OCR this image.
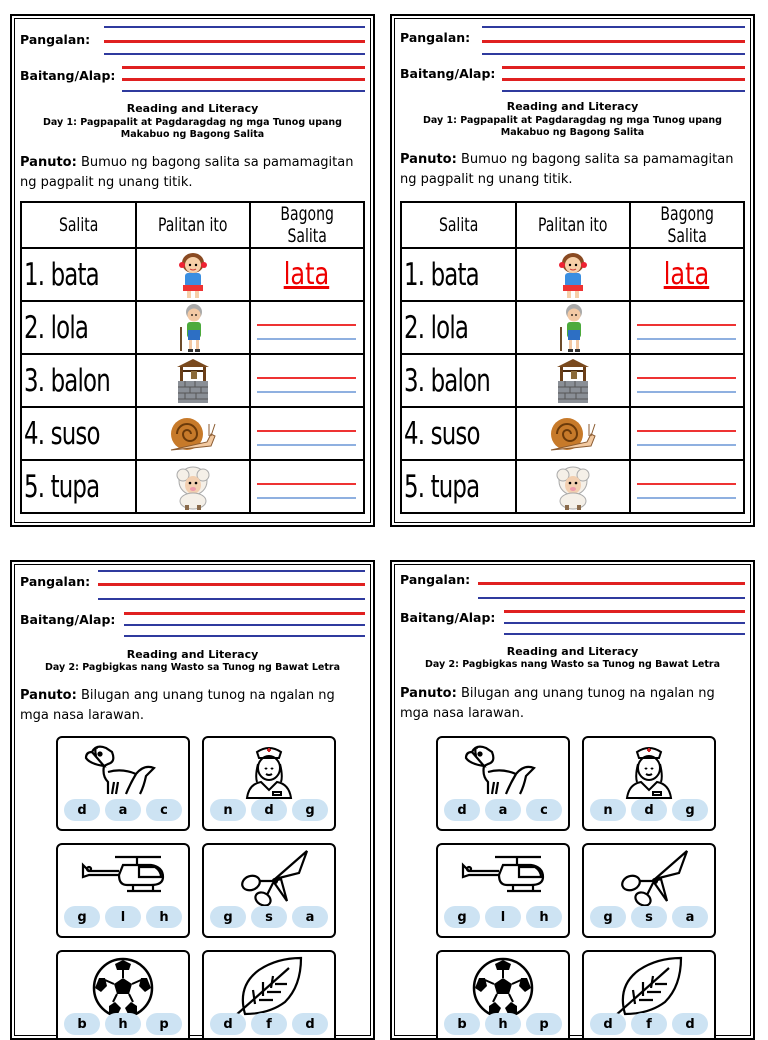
Pangalan:
Baitang/Alap:
Reading and Literacy
Day 1: Pagpapalit at Pagdaragdag ng mga Tunog upang Makabuo ng Bagong Salita
Panuto: Bumuo ng bagong salita sa pamamagitan ng pagpalit ng unang titik.
Salita	Palitan ito	Bagong Salita
1. bata		lata
2. lola	

3. balon	

4. suso	

5. tupa	

Pangalan:
Baitang/Alap:
Reading and Literacy
Day 1: Pagpapalit at Pagdaragdag ng mga Tunog upang Makabuo ng Bagong Salita
Panuto: Bumuo ng bagong salita sa pamamagitan ng pagpalit ng unang titik.
Salita	Palitan ito	Bagong Salita
1. bata		lata
2. lola	

3. balon	

4. suso	

5. tupa	

Pangalan:
Baitang/Alap:
Reading and Literacy
Day 2: Pagbigkas nang Wasto sa Tunog ng Bawat Letra
Panuto: Bilugan ang unang tunog na ngalan ng mga nasa larawan.
d	a	c	n	d	g
g	l	h	g	s	a
b	h	p	d	f	d
Pangalan:
Baitang/Alap:
Reading and Literacy
Day 2: Pagbigkas nang Wasto sa Tunog ng Bawat Letra
Panuto: Bilugan ang unang tunog na ngalan ng mga nasa larawan.
d	a	c	n	d	g
g	l	h	g	s	a
b	h	p	d	f	d
